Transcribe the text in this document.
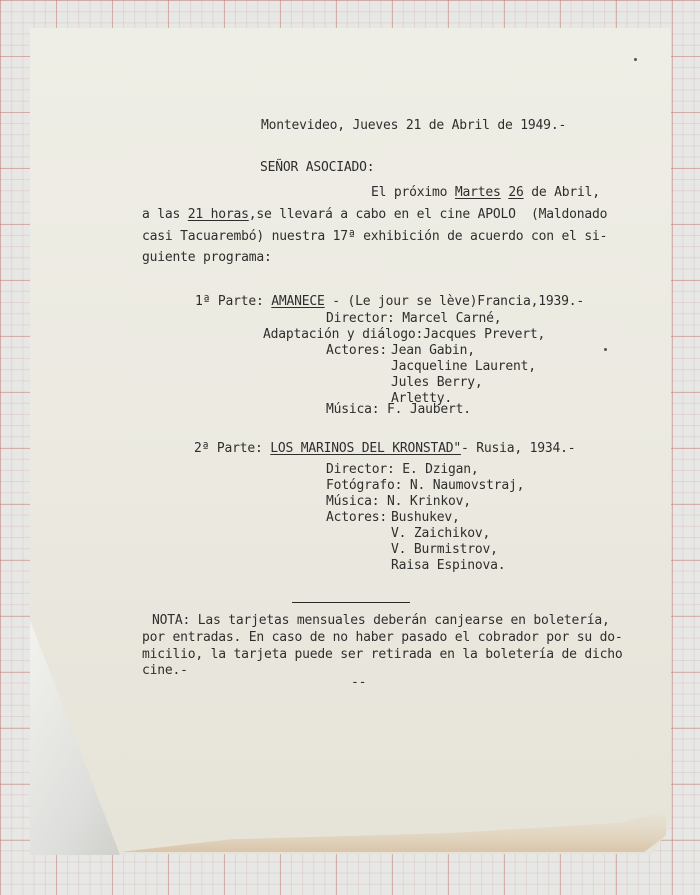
Montevideo, Jueves 21 de Abril de 1949.-
SEÑOR ASOCIADO:
El próximo Martes 26 de Abril,
a las 21 horas,se llevará a cabo en el cine APOLO  (Maldonado
casi Tacuarembó) nuestra 17ª exhibición de acuerdo con el si-
guiente programa:
1ª Parte: AMANECE - (Le jour se lève)Francia,1939.-
Director: Marcel Carné,
Adaptación y diálogo:Jacques Prevert,
Actores: Jean Gabin,
Jacqueline Laurent,
Jules Berry,
Arletty.
Música: F. Jaubert.
2ª Parte: LOS MARINOS DEL KRONSTAD"- Rusia, 1934.-
Director: E. Dzigan,
Fotógrafo: N. Naumovstraj,
Música: N. Krinkov,
Actores: Bushukev,
V. Zaichikov,
V. Burmistrov,
Raisa Espinova.
NOTA: Las tarjetas mensuales deberán canjearse en boletería,
por entradas. En caso de no haber pasado el cobrador por su do-
micilio, la tarjeta puede ser retirada en la boletería de dicho
cine.-
--
